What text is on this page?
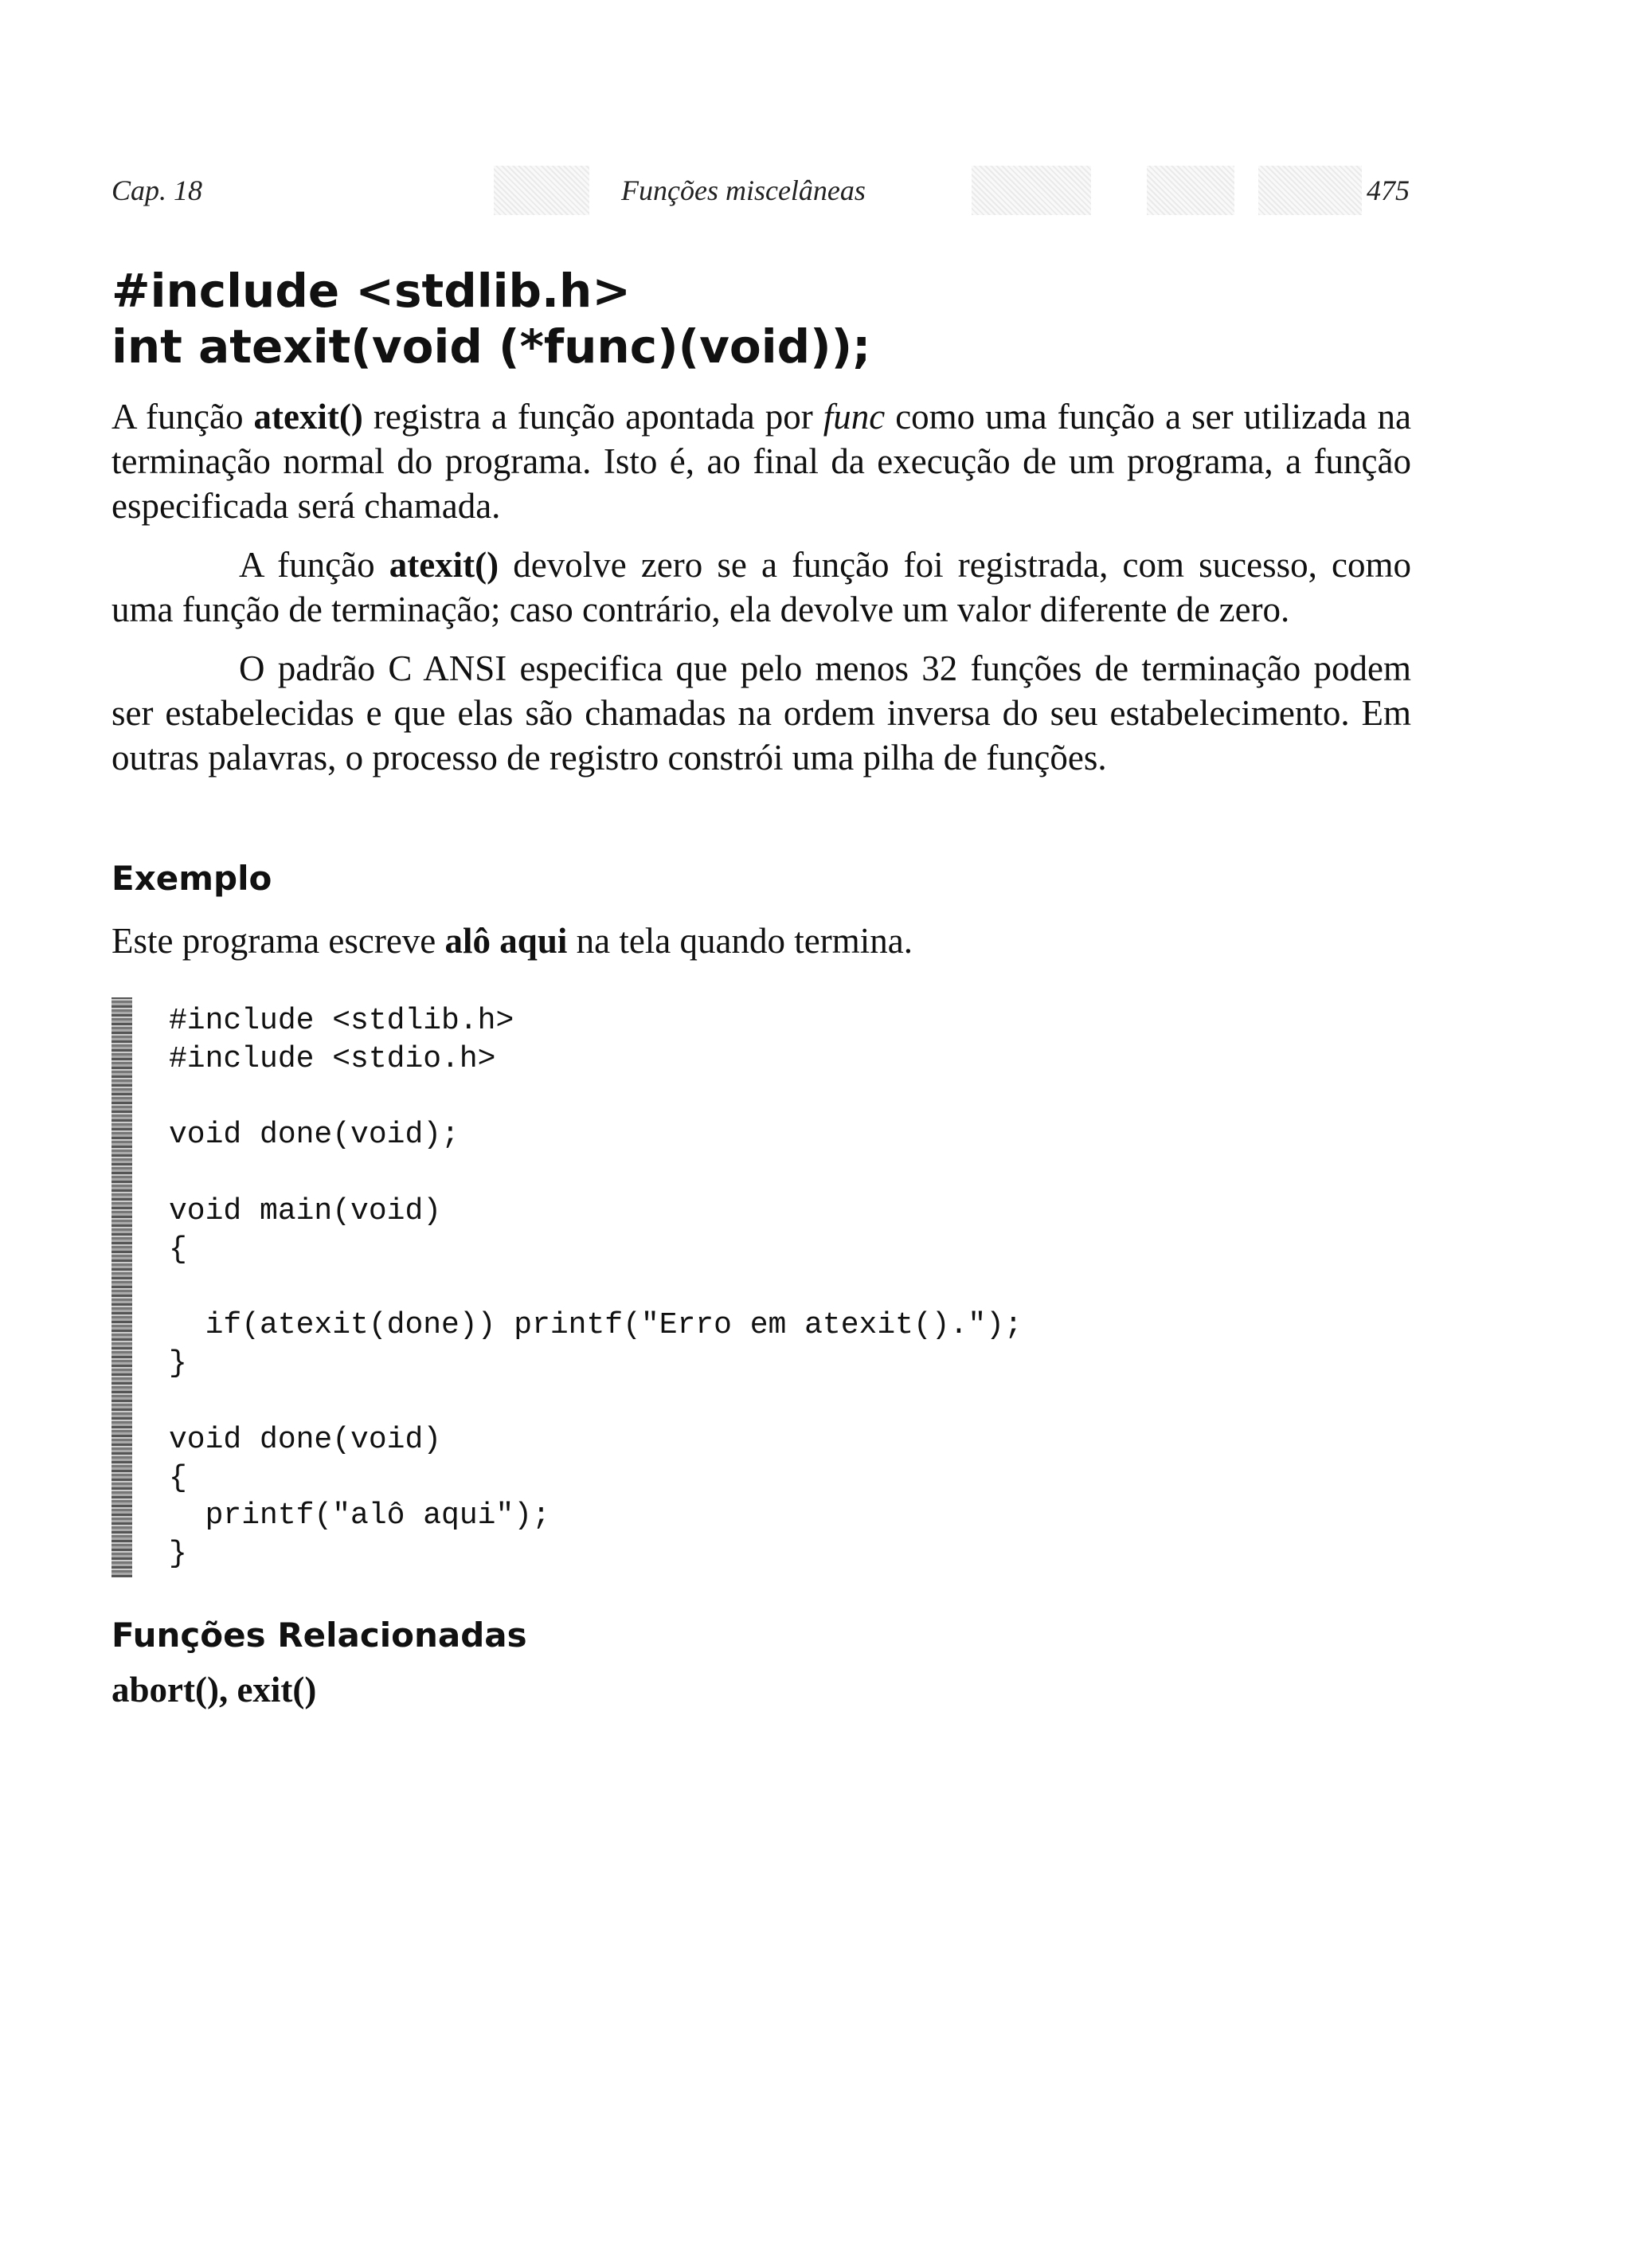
Cap. 18	Funções miscelâneas	475
#include <stdlib.h>
int atexit(void (*func)(void));

A função atexit() registra a função apontada por func como uma função a ser utilizada na terminação normal do programa. Isto é, ao final da execução de um programa, a função especificada será chamada.

A função atexit() devolve zero se a função foi registrada, com sucesso, como uma função de terminação; caso contrário, ela devolve um valor diferente de zero.

O padrão C ANSI especifica que pelo menos 32 funções de terminação podem ser estabelecidas e que elas são chamadas na ordem inversa do seu estabelecimento. Em outras palavras, o processo de registro constrói uma pilha de funções.

Exemplo
Este programa escreve alô aqui na tela quando termina.
#include <stdlib.h>
#include <stdio.h>
void done(void);
void main(void)
{
if(atexit(done)) printf("Erro em atexit().");
}
void done(void)
{
printf("alô aqui");
}
Funções Relacionadas
abort(), exit()
